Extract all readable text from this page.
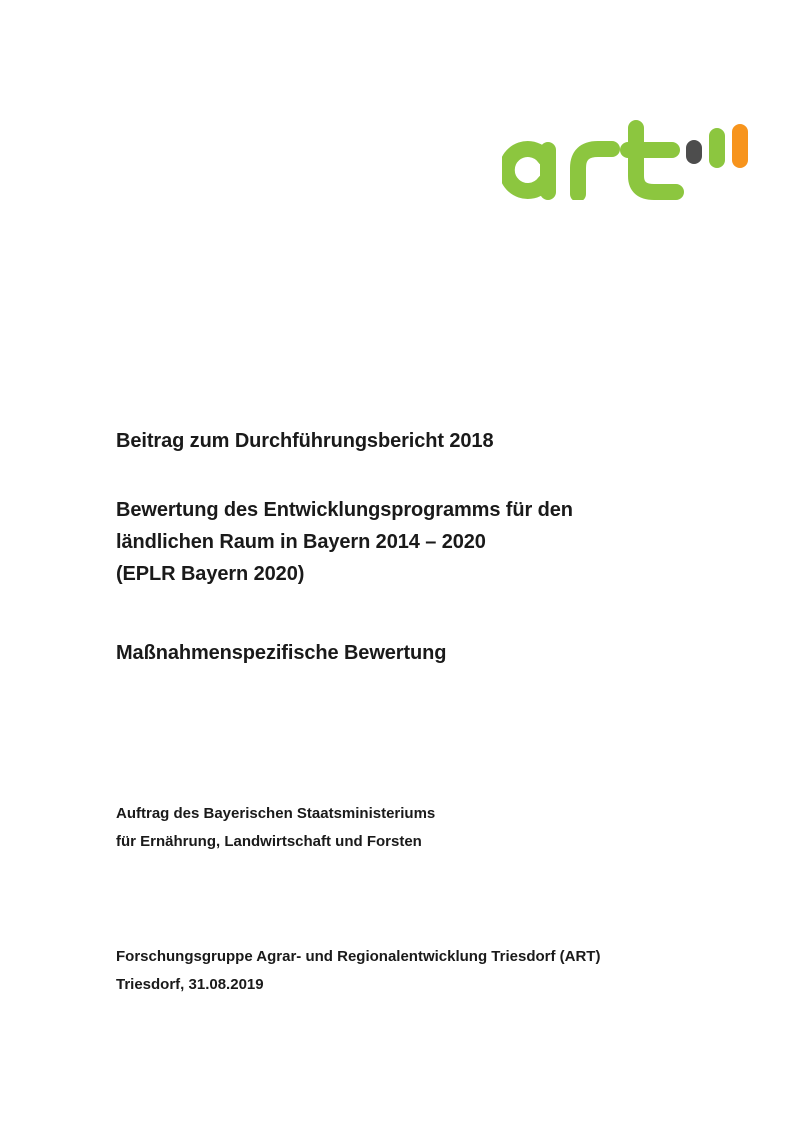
Beitrag zum Durchführungsbericht 2018
Bewertung des Entwicklungsprogramms für den
ländlichen Raum in Bayern 2014 – 2020
(EPLR Bayern 2020)
Maßnahmenspezifische Bewertung
Auftrag des Bayerischen Staatsministeriums
für Ernährung, Landwirtschaft und Forsten
Forschungsgruppe Agrar- und Regionalentwicklung Triesdorf (ART)
Triesdorf, 31.08.2019
